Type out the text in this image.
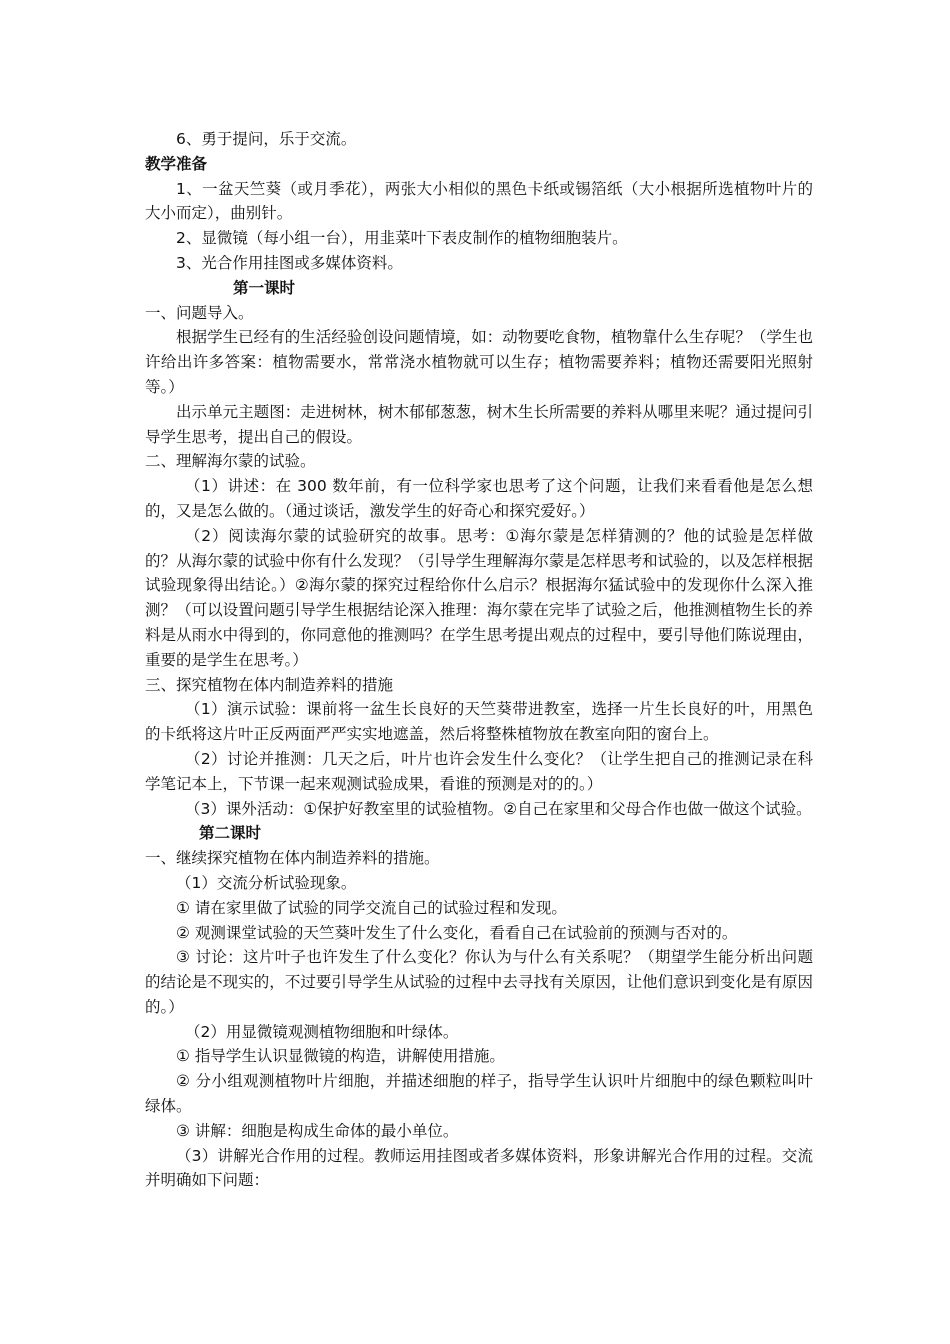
6、勇于提问，乐于交流。

教学准备

1、一盆天竺葵（或月季花），两张大小相似的黑色卡纸或锡箔纸（大小根据所选植物叶片的大小而定），曲别针。

2、显微镜（每小组一台），用韭菜叶下表皮制作的植物细胞装片。

3、光合作用挂图或多媒体资料。

第一课时

一、问题导入。

根据学生已经有的生活经验创设问题情境，如：动物要吃食物，植物靠什么生存呢？（学生也许给出许多答案：植物需要水，常常浇水植物就可以生存；植物需要养料；植物还需要阳光照射等。）

出示单元主题图：走进树林，树木郁郁葱葱，树木生长所需要的养料从哪里来呢？通过提问引导学生思考，提出自己的假设。

二、理解海尔蒙的试验。

（1）讲述：在 300 数年前，有一位科学家也思考了这个问题，让我们来看看他是怎么想的，又是怎么做的。（通过谈话，激发学生的好奇心和探究爱好。）

（2）阅读海尔蒙的试验研究的故事。思考：①海尔蒙是怎样猜测的？他的试验是怎样做的？从海尔蒙的试验中你有什么发现？（引导学生理解海尔蒙是怎样思考和试验的，以及怎样根据试验现象得出结论。）②海尔蒙的探究过程给你什么启示？根据海尔猛试验中的发现你什么深入推测？（可以设置问题引导学生根据结论深入推理：海尔蒙在完毕了试验之后，他推测植物生长的养料是从雨水中得到的，你同意他的推测吗？在学生思考提出观点的过程中，要引导他们陈说理由，重要的是学生在思考。）

三、探究植物在体内制造养料的措施

（1）演示试验：课前将一盆生长良好的天竺葵带进教室，选择一片生长良好的叶，用黑色的卡纸将这片叶正反两面严严实实地遮盖，然后将整株植物放在教室向阳的窗台上。

（2）讨论并推测：几天之后，叶片也许会发生什么变化？（让学生把自己的推测记录在科学笔记本上，下节课一起来观测试验成果，看谁的预测是对的的。）

（3）课外活动：①保护好教室里的试验植物。②自己在家里和父母合作也做一做这个试验。

第二课时

一、继续探究植物在体内制造养料的措施。

（1）交流分析试验现象。

① 请在家里做了试验的同学交流自己的试验过程和发现。

② 观测课堂试验的天竺葵叶发生了什么变化，看看自己在试验前的预测与否对的。

③ 讨论：这片叶子也许发生了什么变化？你认为与什么有关系呢？（期望学生能分析出问题的结论是不现实的，不过要引导学生从试验的过程中去寻找有关原因，让他们意识到变化是有原因的。）

（2）用显微镜观测植物细胞和叶绿体。

① 指导学生认识显微镜的构造，讲解使用措施。

② 分小组观测植物叶片细胞，并描述细胞的样子，指导学生认识叶片细胞中的绿色颗粒叫叶绿体。

③ 讲解：细胞是构成生命体的最小单位。

（3）讲解光合作用的过程。教师运用挂图或者多媒体资料，形象讲解光合作用的过程。交流并明确如下问题：
